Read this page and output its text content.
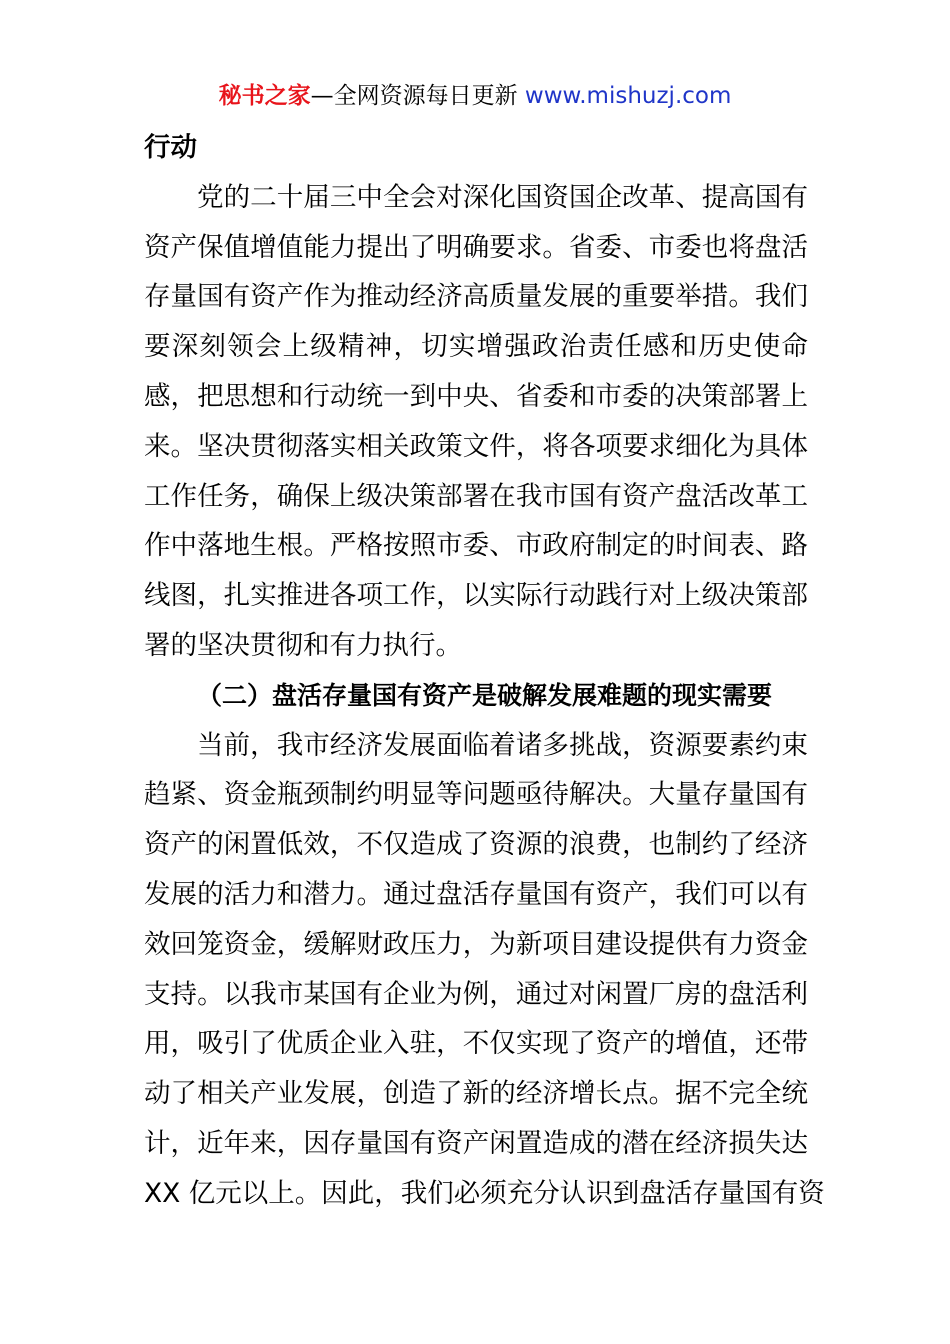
秘书之家—全网资源每日更新 www.mishuzj.com
行动
党的二十届三中全会对深化国资国企改革、提高国有
资产保值增值能力提出了明确要求。省委、市委也将盘活
存量国有资产作为推动经济高质量发展的重要举措。我们
要深刻领会上级精神，切实增强政治责任感和历史使命
感，把思想和行动统一到中央、省委和市委的决策部署上
来。坚决贯彻落实相关政策文件，将各项要求细化为具体
工作任务，确保上级决策部署在我市国有资产盘活改革工
作中落地生根。严格按照市委、市政府制定的时间表、路
线图，扎实推进各项工作，以实际行动践行对上级决策部
署的坚决贯彻和有力执行。
（二）盘活存量国有资产是破解发展难题的现实需要
当前，我市经济发展面临着诸多挑战，资源要素约束
趋紧、资金瓶颈制约明显等问题亟待解决。大量存量国有
资产的闲置低效，不仅造成了资源的浪费，也制约了经济
发展的活力和潜力。通过盘活存量国有资产，我们可以有
效回笼资金，缓解财政压力，为新项目建设提供有力资金
支持。以我市某国有企业为例，通过对闲置厂房的盘活利
用，吸引了优质企业入驻，不仅实现了资产的增值，还带
动了相关产业发展，创造了新的经济增长点。据不完全统
计，近年来，因存量国有资产闲置造成的潜在经济损失达
XX 亿元以上。因此，我们必须充分认识到盘活存量国有资
